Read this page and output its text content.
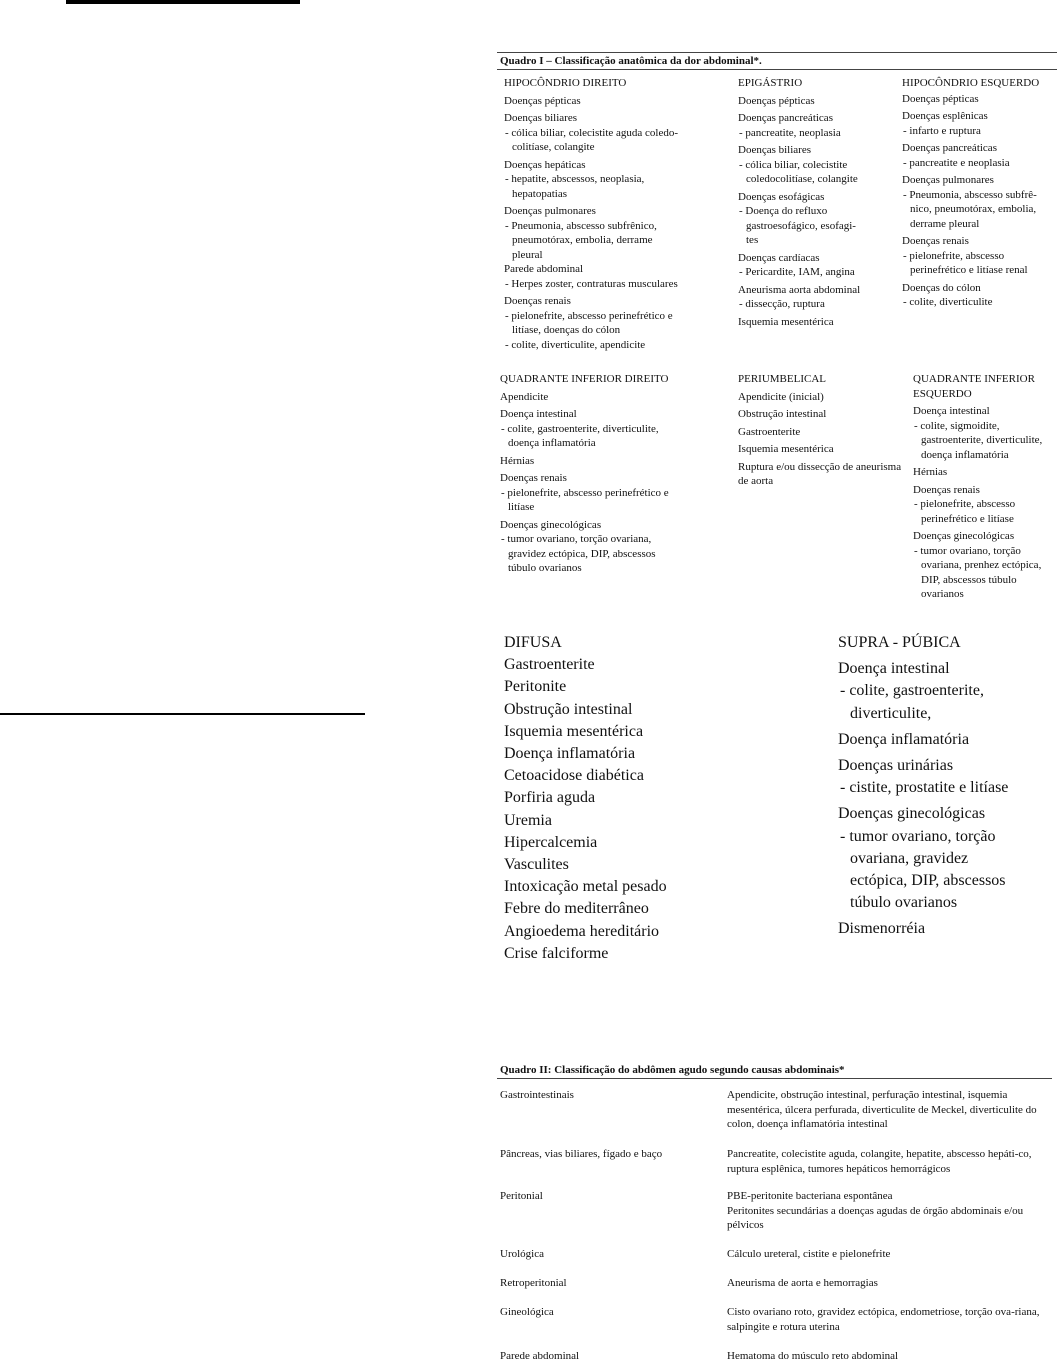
Quadro I – Classificação anatômica da dor abdominal*.
HIPOCÔNDRIO DIREITO
Doenças pépticas
Doenças biliares
- cólica biliar, colecistite aguda coledo-
colitíase, colangite
Doenças hepáticas
- hepatite, abscessos, neoplasia,
hepatopatias
Doenças pulmonares
- Pneumonia, abscesso subfrênico,
pneumotórax, embolia, derrame
pleural
Parede abdominal
- Herpes zoster, contraturas musculares
Doenças renais
- pielonefrite, abscesso perinefrético e
litíase, doenças do cólon
- colite, diverticulite, apendicite
EPIGÁSTRIO
Doenças pépticas
Doenças pancreáticas
- pancreatite, neoplasia
Doenças biliares
- cólica biliar, colecistite
coledocolitíase, colangite
Doenças esofágicas
- Doença do refluxo
gastroesofágico, esofagi-
tes
Doenças cardíacas
- Pericardite, IAM, angina
Aneurisma aorta abdominal
- dissecção, ruptura
Isquemia mesentérica
HIPOCÔNDRIO ESQUERDO
Doenças pépticas
Doenças esplênicas
- infarto e ruptura
Doenças pancreáticas
- pancreatite e neoplasia
Doenças pulmonares
- Pneumonia, abscesso subfrê-
nico, pneumotórax, embolia,
derrame pleural
Doenças renais
- pielonefrite, abscesso
perinefrético e litíase renal
Doenças do cólon
- colite, diverticulite
QUADRANTE INFERIOR DIREITO
Apendicite
Doença intestinal
- colite, gastroenterite, diverticulite,
doença inflamatória
Hérnias
Doenças renais
- pielonefrite, abscesso perinefrético e
litíase
Doenças ginecológicas
- tumor ovariano, torção ovariana,
gravidez ectópica, DIP, abscessos
túbulo ovarianos
PERIUMBELICAL
Apendicite (inicial)
Obstrução intestinal
Gastroenterite
Isquemia mesentérica
Ruptura e/ou dissecção de aneurisma de aorta
QUADRANTE INFERIOR
ESQUERDO
Doença intestinal
- colite, sigmoidite,
gastroenterite, diverticulite,
doença inflamatória
Hérnias
Doenças renais
- pielonefrite, abscesso
perinefrético e litíase
Doenças ginecológicas
- tumor ovariano, torção
ovariana, prenhez ectópica,
DIP, abscessos túbulo
ovarianos
DIFUSA
Gastroenterite
Peritonite
Obstrução intestinal
Isquemia mesentérica
Doença inflamatória
Cetoacidose diabética
Porfiria aguda
Uremia
Hipercalcemia
Vasculites
Intoxicação metal pesado
Febre do mediterrâneo
Angioedema hereditário
Crise falciforme
SUPRA - PÚBICA
Doença intestinal
- colite, gastroenterite,
diverticulite,
Doença inflamatória
Doenças urinárias
- cistite, prostatite e litíase
Doenças ginecológicas
- tumor ovariano, torção
ovariana, gravidez
ectópica, DIP, abscessos
túbulo ovarianos
Dismenorréia
Quadro II: Classificação do abdômen agudo segundo causas abdominais*
Gastrointestinais	Apendicite, obstrução intestinal, perfuração intestinal, isquemia mesentérica, úlcera perfurada, diverticulite de Meckel, diverticulite do colon, doença inflamatória intestinal
Pâncreas, vias biliares, fígado e baço	Pancreatite, colecistite aguda, colangite, hepatite, abscesso hepáti-co, ruptura esplênica, tumores hepáticos hemorrágicos
Peritonial	PBE-peritonite bacteriana espontânea
Peritonites secundárias a doenças agudas de órgão abdominais e/ou pélvicos
Urológica	Cálculo ureteral, cistite e pielonefrite
Retroperitonial	Aneurisma de aorta e hemorragias
Gineológica	Cisto ovariano roto, gravidez ectópica, endometriose, torção ova-riana, salpingite e rotura uterina
Parede abdominal	Hematoma do músculo reto abdominal
